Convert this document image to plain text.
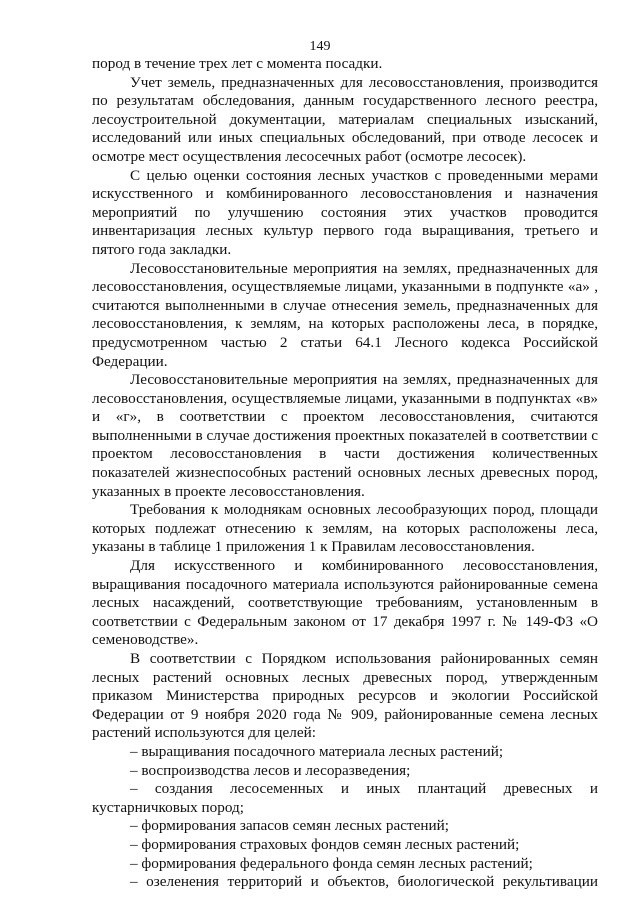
149

пород в течение трех лет с момента посадки.

Учет земель, предназначенных для лесовосстановления, производится по результатам обследования, данным государственного лесного реестра, лесоустроительной документации, материалам специальных изысканий, исследований или иных специальных обследований, при отводе лесосек и осмотре мест осуществления лесосечных работ (осмотре лесосек).

С целью оценки состояния лесных участков с проведенными мерами искусственного и комбинированного лесовосстановления и назначения мероприятий по улучшению состояния этих участков проводится инвентаризация лесных культур первого года выращивания, третьего и пятого года закладки.

Лесовосстановительные мероприятия на землях, предназначенных для лесовосстановления, осуществляемые лицами, указанными в подпункте «а» , считаются выполненными в случае отнесения земель, предназначенных для лесовосстановления, к землям, на которых расположены леса, в порядке, предусмотренном частью 2 статьи 64.1 Лесного кодекса Российской Федерации.

Лесовосстановительные мероприятия на землях, предназначенных для лесовосстановления, осуществляемые лицами, указанными в подпунктах «в» и «г», в соответствии с проектом лесовосстановления, считаются выполненными в случае достижения проектных показателей в соответствии с проектом лесовосстановления в части достижения количественных показателей жизнеспособных растений основных лесных древесных пород, указанных в проекте лесовосстановления.

Требования к молоднякам основных лесообразующих пород, площади которых подлежат отнесению к землям, на которых расположены леса, указаны в таблице 1 приложения 1 к Правилам лесовосстановления.

Для искусственного и комбинированного лесовосстановления, выращивания посадочного материала используются районированные семена лесных насаждений, соответствующие требованиям, установленным в соответствии с Федеральным законом от 17 декабря 1997 г. № 149-ФЗ «О семеноводстве».

В соответствии с Порядком использования районированных семян лесных растений основных лесных древесных пород, утвержденным приказом Министерства природных ресурсов и экологии Российской Федерации от 9 ноября 2020 года № 909, районированные семена лесных растений используются для целей:

– выращивания посадочного материала лесных растений;

– воспроизводства лесов и лесоразведения;

– создания лесосеменных и иных плантаций древесных и

кустарничковых пород;

– формирования запасов семян лесных растений;

– формирования страховых фондов семян лесных растений;

– формирования федерального фонда семян лесных растений;

– озеленения территорий и объектов, биологической рекультивации
